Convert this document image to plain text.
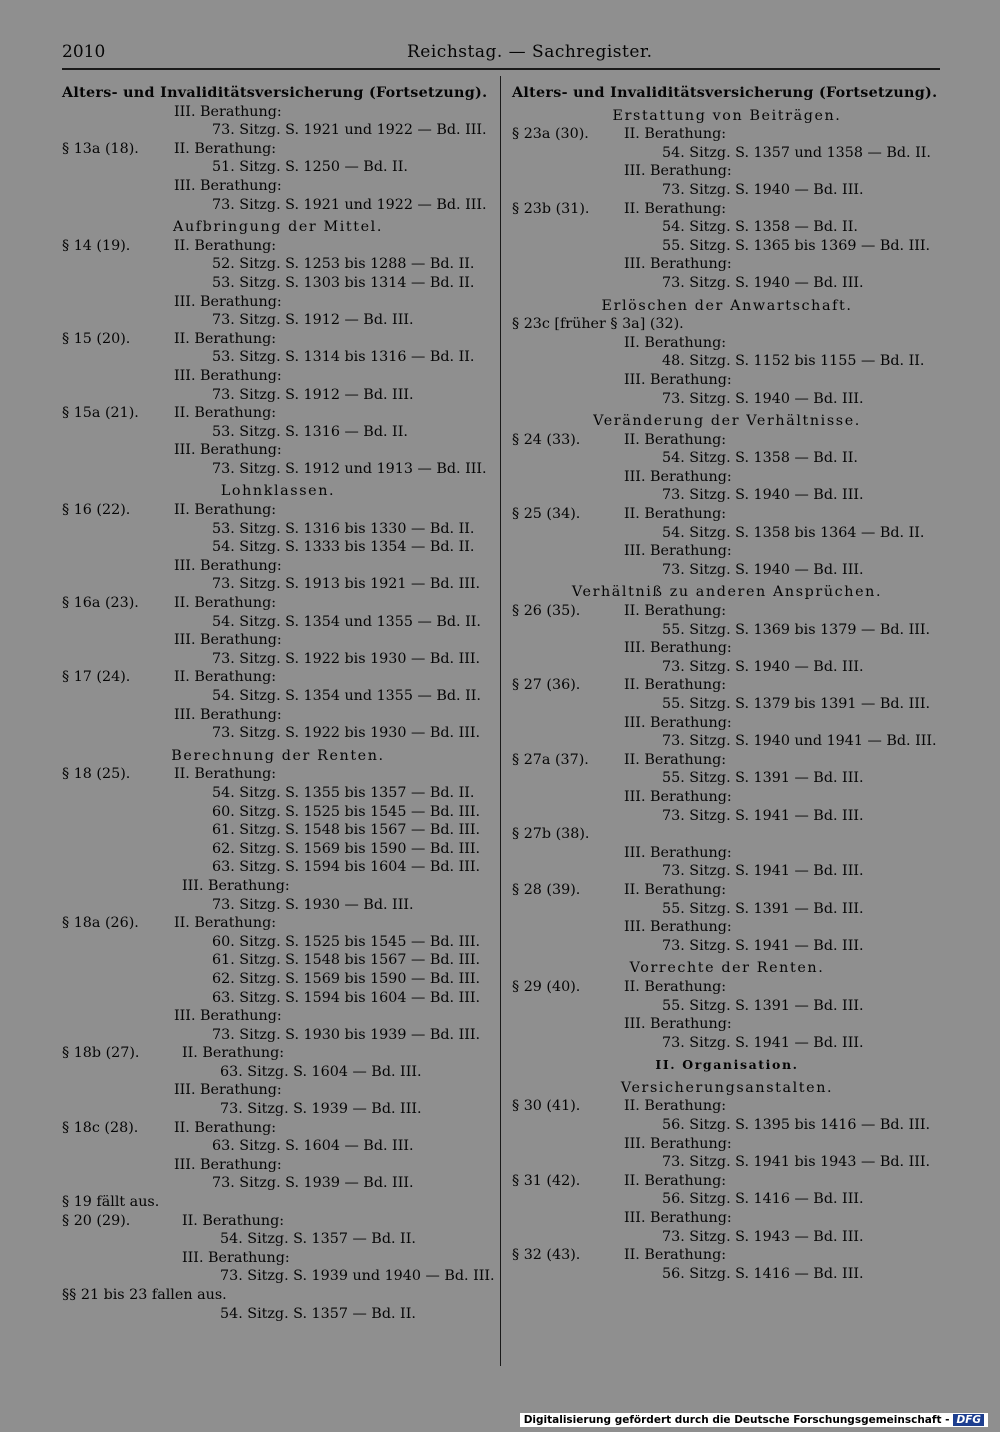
2010	Reichstag. — Sachregister.
Alters- und Invaliditätsversicherung (Fortsetzung).
III. Berathung:
73. Sitzg. S. 1921 und 1922 — Bd. III.
§ 13a (18). II. Berathung:
51. Sitzg. S. 1250 — Bd. II.
III. Berathung:
73. Sitzg. S. 1921 und 1922 — Bd. III.
Aufbringung der Mittel.
§ 14 (19).	II. Berathung:
52. Sitzg. S. 1253 bis 1288 — Bd. II.
53. Sitzg. S. 1303 bis 1314 — Bd. II.
III. Berathung:
73. Sitzg. S. 1912 — Bd. III.
§ 15 (20).	II. Berathung:
53. Sitzg. S. 1314 bis 1316 — Bd. II.
III. Berathung:
73. Sitzg. S. 1912 — Bd. III.
§ 15a (21). II. Berathung:
53. Sitzg. S. 1316 — Bd. II.
III. Berathung:
73. Sitzg. S. 1912 und 1913 — Bd. III.
Lohnklassen.
§ 16 (22).	II. Berathung:
53. Sitzg. S. 1316 bis 1330 — Bd. II.
54. Sitzg. S. 1333 bis 1354 — Bd. II.
III. Berathung:
73. Sitzg. S. 1913 bis 1921 — Bd. III.
§ 16a (23). II. Berathung:
54. Sitzg. S. 1354 und 1355 — Bd. II.
III. Berathung:
73. Sitzg. S. 1922 bis 1930 — Bd. III.
§ 17 (24).	II. Berathung:
54. Sitzg. S. 1354 und 1355 — Bd. II.
III. Berathung:
73. Sitzg. S. 1922 bis 1930 — Bd. III.
Berechnung der Renten.
§ 18 (25).	II. Berathung:
54. Sitzg. S. 1355 bis 1357 — Bd. II.
60. Sitzg. S. 1525 bis 1545 — Bd. III.
61. Sitzg. S. 1548 bis 1567 — Bd. III.
62. Sitzg. S. 1569 bis 1590 — Bd. III.
63. Sitzg. S. 1594 bis 1604 — Bd. III.
III. Berathung:
73. Sitzg. S. 1930 — Bd. III.
§ 18a (26). II. Berathung:
60. Sitzg. S. 1525 bis 1545 — Bd. III.
61. Sitzg. S. 1548 bis 1567 — Bd. III.
62. Sitzg. S. 1569 bis 1590 — Bd. III.
63. Sitzg. S. 1594 bis 1604 — Bd. III.
III. Berathung:
73. Sitzg. S. 1930 bis 1939 — Bd. III.
§ 18b (27).	II. Berathung:
63. Sitzg. S. 1604 — Bd. III.
III. Berathung:
73. Sitzg. S. 1939 — Bd. III.
§ 18c (28). II. Berathung:
63. Sitzg. S. 1604 — Bd. III.
III. Berathung:
73. Sitzg. S. 1939 — Bd. III.
§ 19 fällt aus.
§ 20 (29).	II. Berathung:
54. Sitzg. S. 1357 — Bd. II.
III. Berathung:
73. Sitzg. S. 1939 und 1940 — Bd. III.
§§ 21 bis 23 fallen aus.
54. Sitzg. S. 1357 — Bd. II.
Alters- und Invaliditätsversicherung (Fortsetzung).
Erstattung von Beiträgen.
§ 23a (30). II. Berathung:
54. Sitzg. S. 1357 und 1358 — Bd. II.
III. Berathung:
73. Sitzg. S. 1940 — Bd. III.
§ 23b (31). II. Berathung:
54. Sitzg. S. 1358 — Bd. II.
55. Sitzg. S. 1365 bis 1369 — Bd. III.
III. Berathung:
73. Sitzg. S. 1940 — Bd. III.
Erlöschen der Anwartschaft.
§ 23c [früher § 3a] (32).
II. Berathung:
48. Sitzg. S. 1152 bis 1155 — Bd. II.
III. Berathung:
73. Sitzg. S. 1940 — Bd. III.
Veränderung der Verhältnisse.
§ 24 (33).	II. Berathung:
54. Sitzg. S. 1358 — Bd. II.
III. Berathung:
73. Sitzg. S. 1940 — Bd. III.
§ 25 (34).	II. Berathung:
54. Sitzg. S. 1358 bis 1364 — Bd. II.
III. Berathung:
73. Sitzg. S. 1940 — Bd. III.
Verhältniß zu anderen Ansprüchen.
§ 26 (35).	II. Berathung:
55. Sitzg. S. 1369 bis 1379 — Bd. III.
III. Berathung:
73. Sitzg. S. 1940 — Bd. III.
§ 27 (36).	II. Berathung:
55. Sitzg. S. 1379 bis 1391 — Bd. III.
III. Berathung:
73. Sitzg. S. 1940 und 1941 — Bd. III.
§ 27a (37). II. Berathung:
55. Sitzg. S. 1391 — Bd. III.
III. Berathung:
73. Sitzg. S. 1941 — Bd. III.
§ 27b (38).
III. Berathung:
73. Sitzg. S. 1941 — Bd. III.
§ 28 (39).	II. Berathung:
55. Sitzg. S. 1391 — Bd. III.
III. Berathung:
73. Sitzg. S. 1941 — Bd. III.
Vorrechte der Renten.
§ 29 (40).	II. Berathung:
55. Sitzg. S. 1391 — Bd. III.
III. Berathung:
73. Sitzg. S. 1941 — Bd. III.
II. Organisation.
Versicherungsanstalten.
§ 30 (41).	II. Berathung:
56. Sitzg. S. 1395 bis 1416 — Bd. III.
III. Berathung:
73. Sitzg. S. 1941 bis 1943 — Bd. III.
§ 31 (42).	II. Berathung:
56. Sitzg. S. 1416 — Bd. III.
III. Berathung:
73. Sitzg. S. 1943 — Bd. III.
§ 32 (43).	II. Berathung:
56. Sitzg. S. 1416 — Bd. III.
Digitalisierung gefördert durch die Deutsche Forschungsgemeinschaft - DFG
